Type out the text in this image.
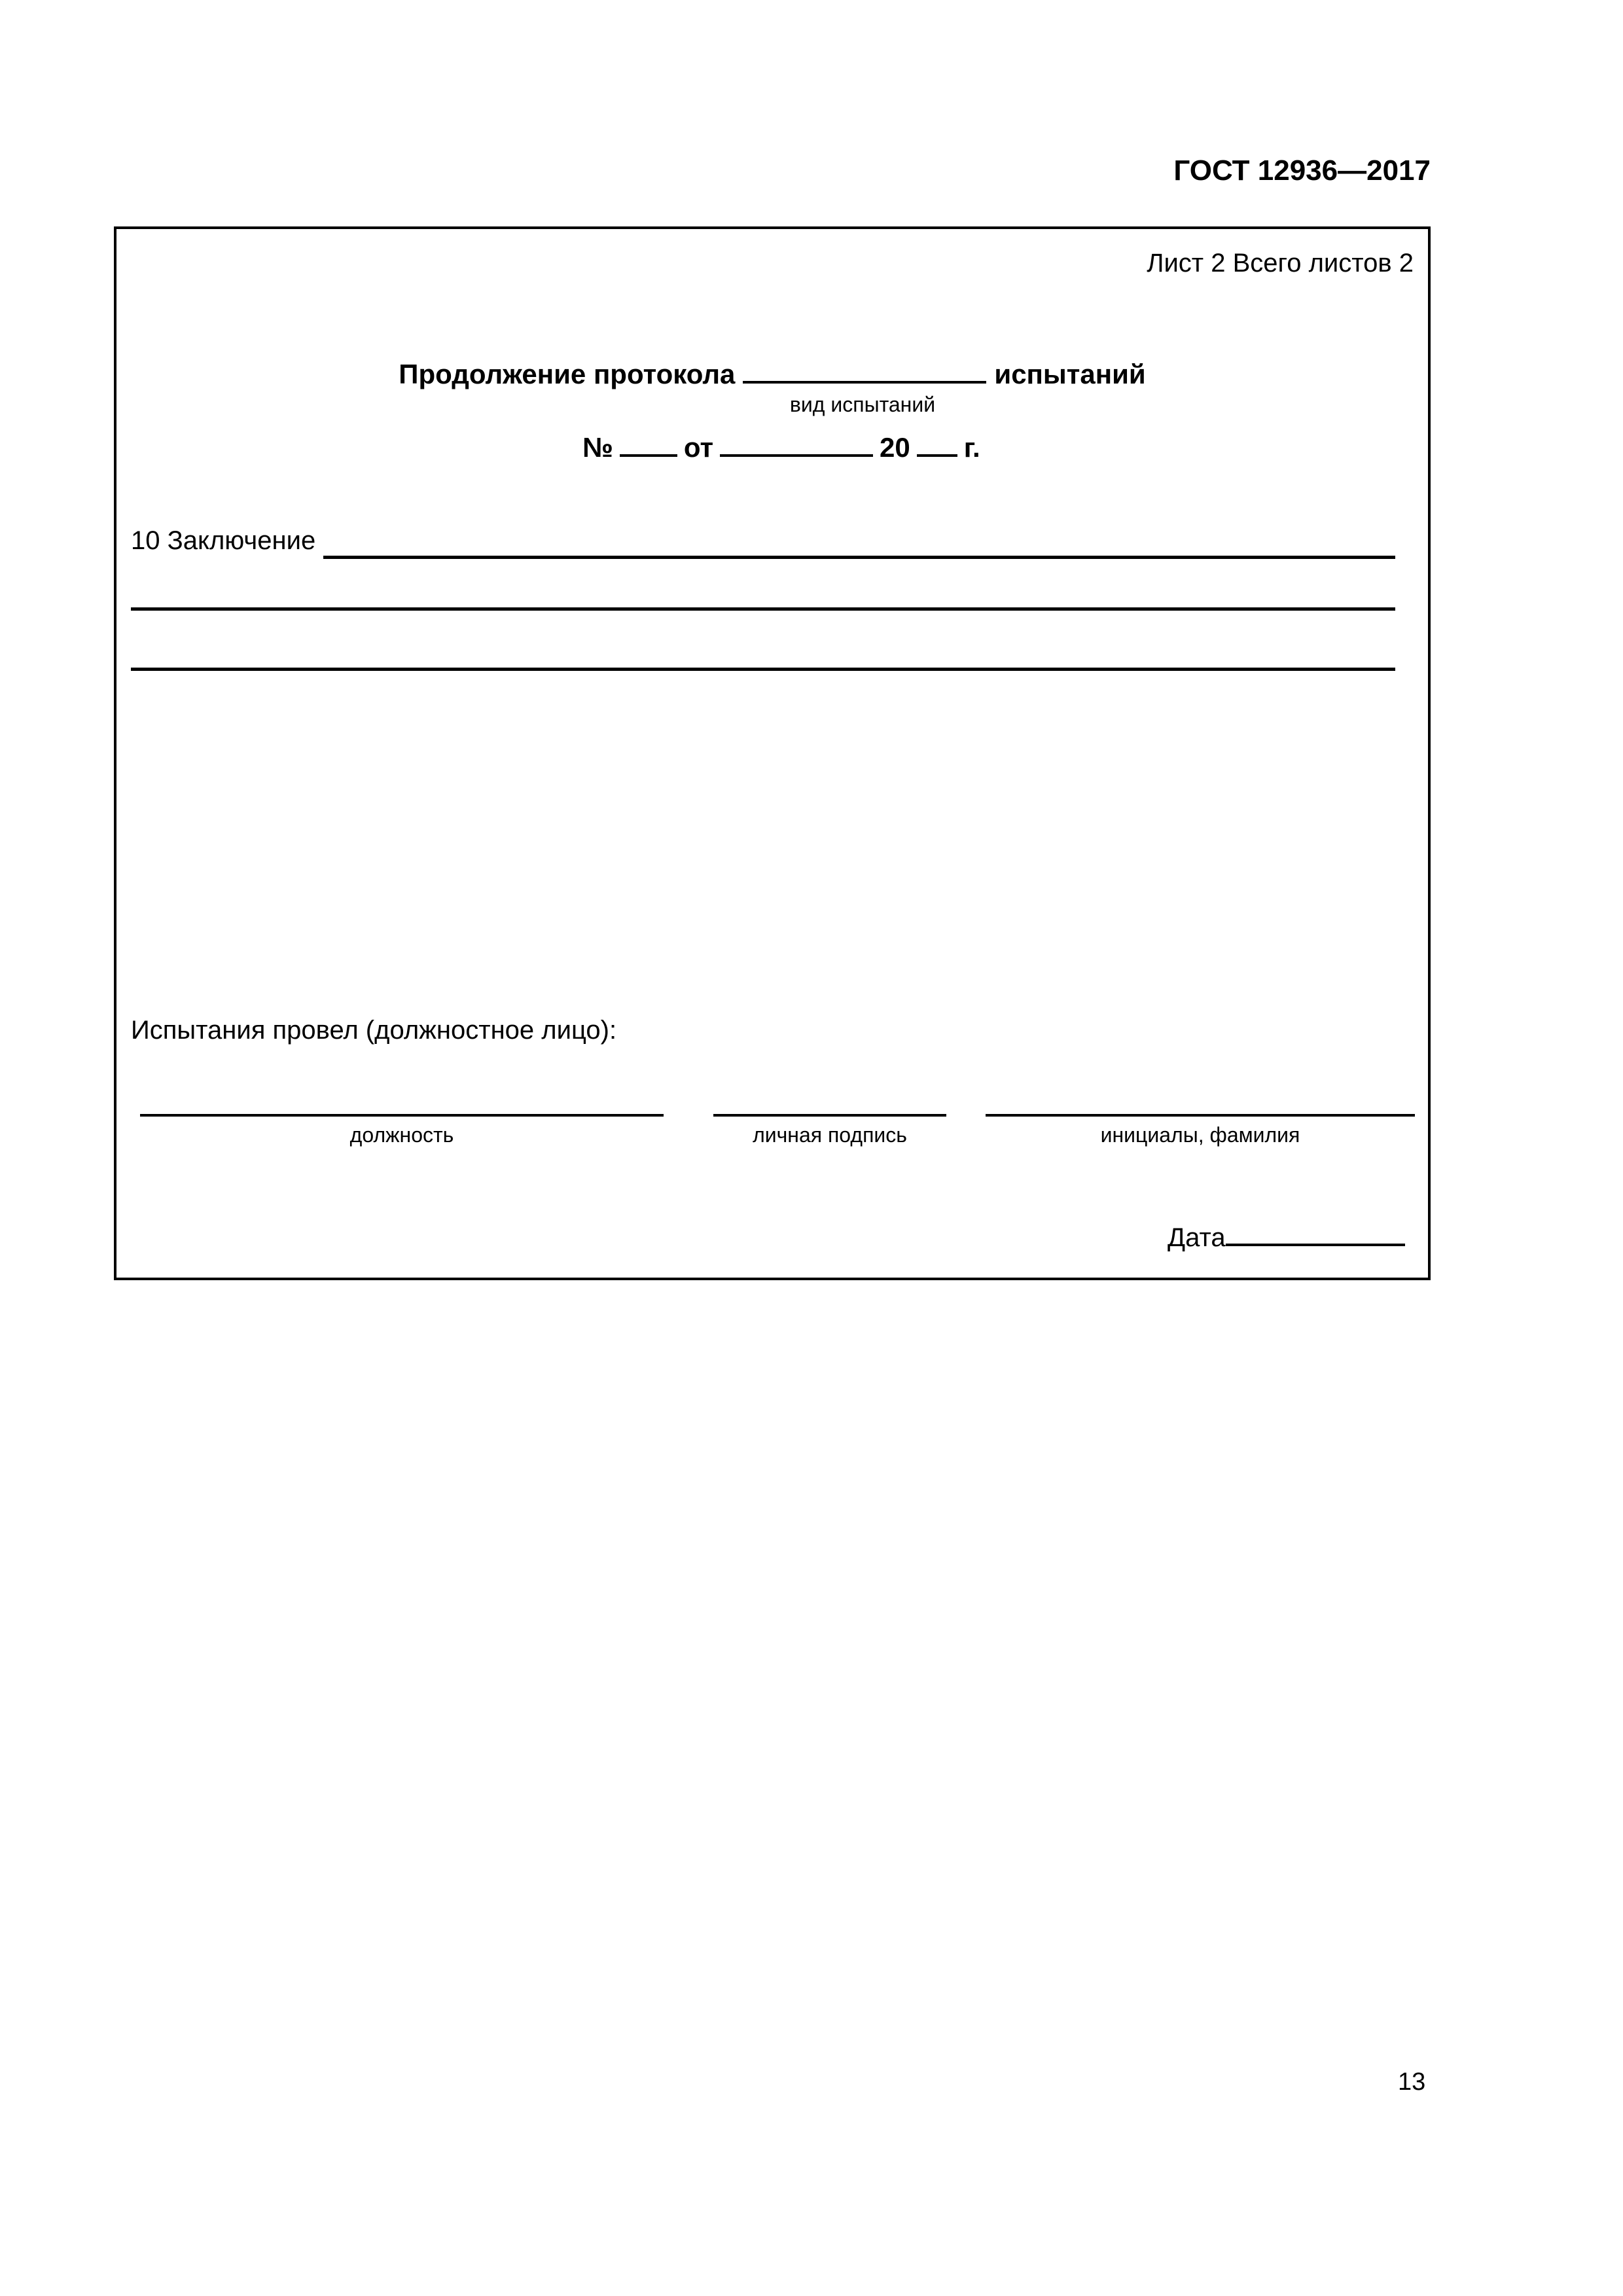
ГОСТ 12936—2017
Лист 2 Всего листов 2
Продолжение протокола	испытаний
вид испытаний
№	от	20 г.
10 Заключение
Испытания провел (должностное лицо):
должность	личная подпись	инициалы, фамилия
Дата
13
